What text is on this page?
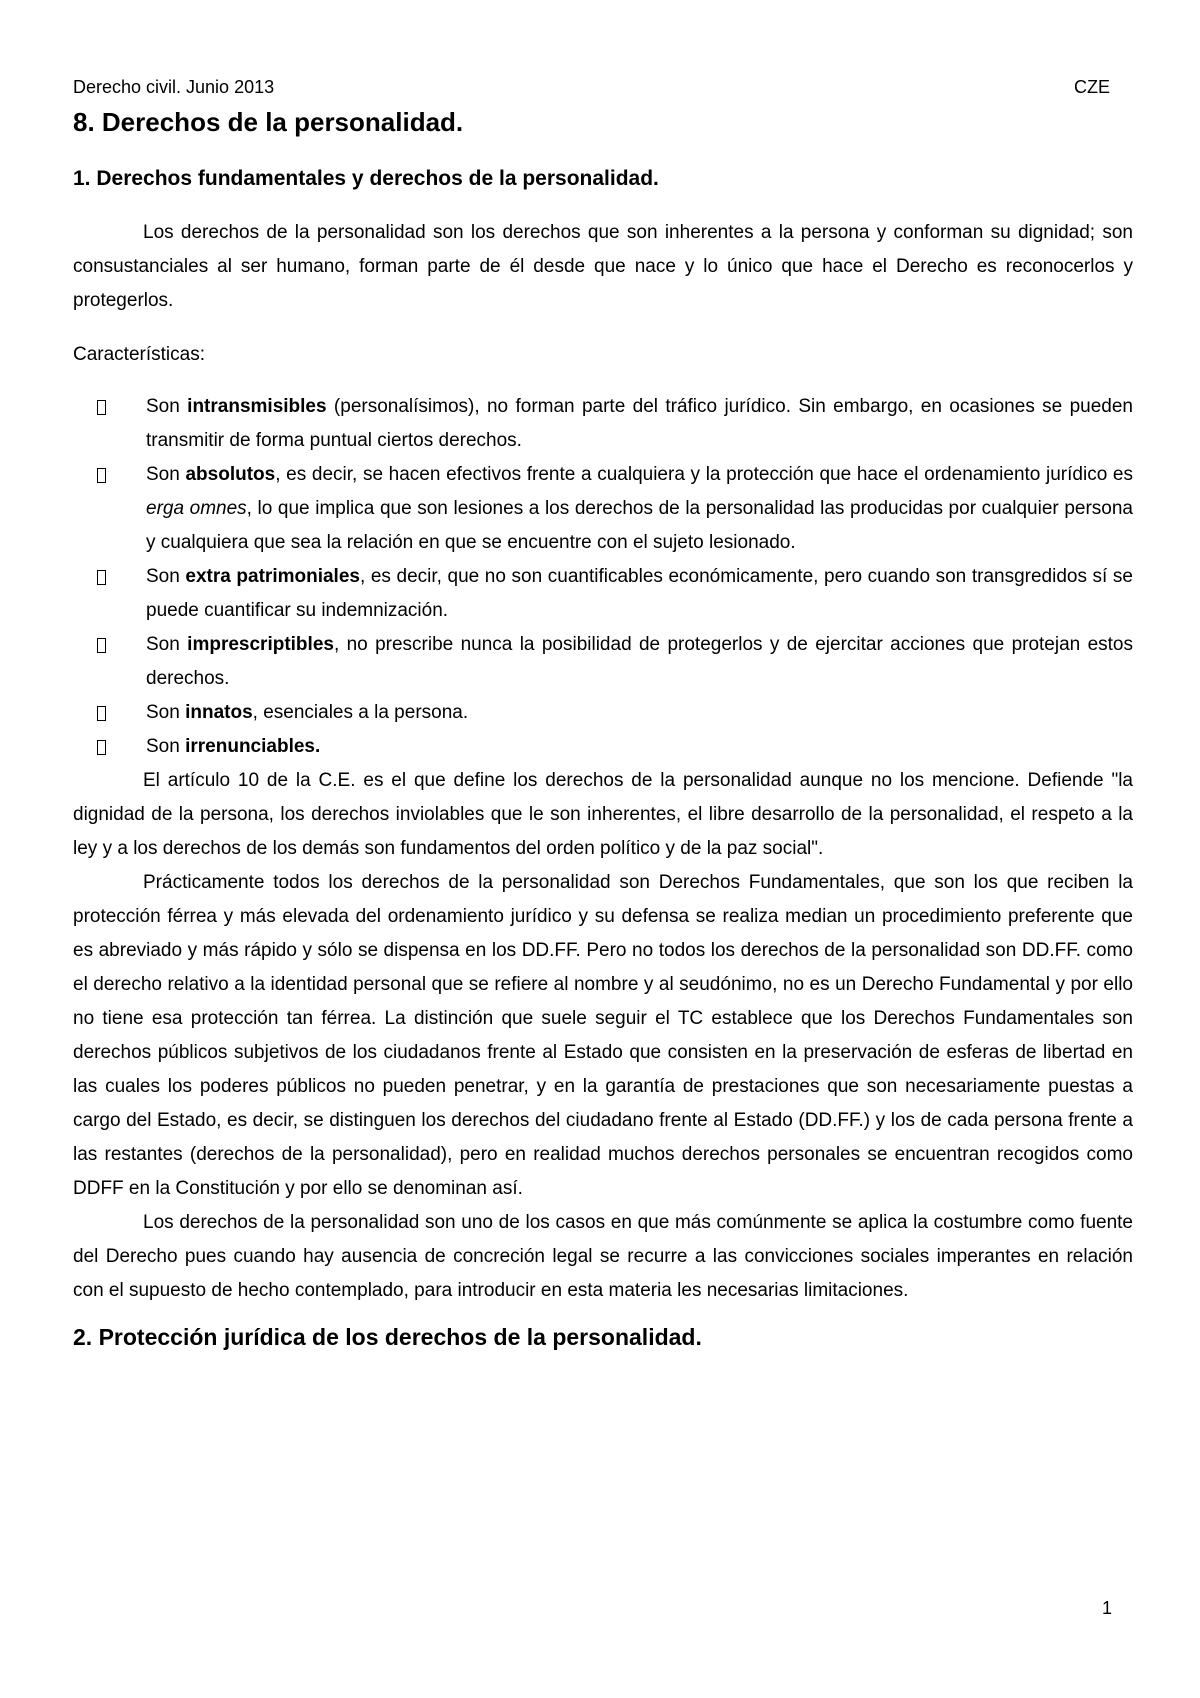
Derecho civil. Junio 2013	CZE
8. Derechos de la personalidad.
1. Derechos fundamentales y derechos de la personalidad.

Los derechos de la personalidad son los derechos que son inherentes a la persona y conforman su dignidad; son consustanciales al ser humano, forman parte de él desde que nace y lo único que hace el Derecho es reconocerlos y protegerlos.

Características:

Son intransmisibles (personalísimos), no forman parte del tráfico jurídico. Sin embargo, en ocasiones se pueden transmitir de forma puntual ciertos derechos.
Son absolutos, es decir, se hacen efectivos frente a cualquiera y la protección que hace el ordenamiento jurídico es erga omnes, lo que implica que son lesiones a los derechos de la personalidad las producidas por cualquier persona y cualquiera que sea la relación en que se encuentre con el sujeto lesionado.
Son extra patrimoniales, es decir, que no son cuantificables económicamente, pero cuando son transgredidos sí se puede cuantificar su indemnización.
Son imprescriptibles, no prescribe nunca la posibilidad de protegerlos y de ejercitar acciones que protejan estos derechos.
Son innatos, esenciales a la persona.
Son irrenunciables.

El artículo 10 de la C.E. es el que define los derechos de la personalidad aunque no los mencione. Defiende "la dignidad de la persona, los derechos inviolables que le son inherentes, el libre desarrollo de la personalidad, el respeto a la ley y a los derechos de los demás son fundamentos del orden político y de la paz social".

Prácticamente todos los derechos de la personalidad son Derechos Fundamentales, que son los que reciben la protección férrea y más elevada del ordenamiento jurídico y su defensa se realiza median un procedimiento preferente que es abreviado y más rápido y sólo se dispensa en los DD.FF. Pero no todos los derechos de la personalidad son DD.FF. como el derecho relativo a la identidad personal que se refiere al nombre y al seudónimo, no es un Derecho Fundamental y por ello no tiene esa protección tan férrea. La distinción que suele seguir el TC establece que los Derechos Fundamentales son derechos públicos subjetivos de los ciudadanos frente al Estado que consisten en la preservación de esferas de libertad en las cuales los poderes públicos no pueden penetrar, y en la garantía de prestaciones que son necesariamente puestas a cargo del Estado, es decir, se distinguen los derechos del ciudadano frente al Estado (DD.FF.) y los de cada persona frente a las restantes (derechos de la personalidad), pero en realidad muchos derechos personales se encuentran recogidos como DDFF en la Constitución y por ello se denominan así.

Los derechos de la personalidad son uno de los casos en que más comúnmente se aplica la costumbre como fuente del Derecho pues cuando hay ausencia de concreción legal se recurre a las convicciones sociales imperantes en relación con el supuesto de hecho contemplado, para introducir en esta materia les necesarias limitaciones.

2. Protección jurídica de los derechos de la personalidad.
1
